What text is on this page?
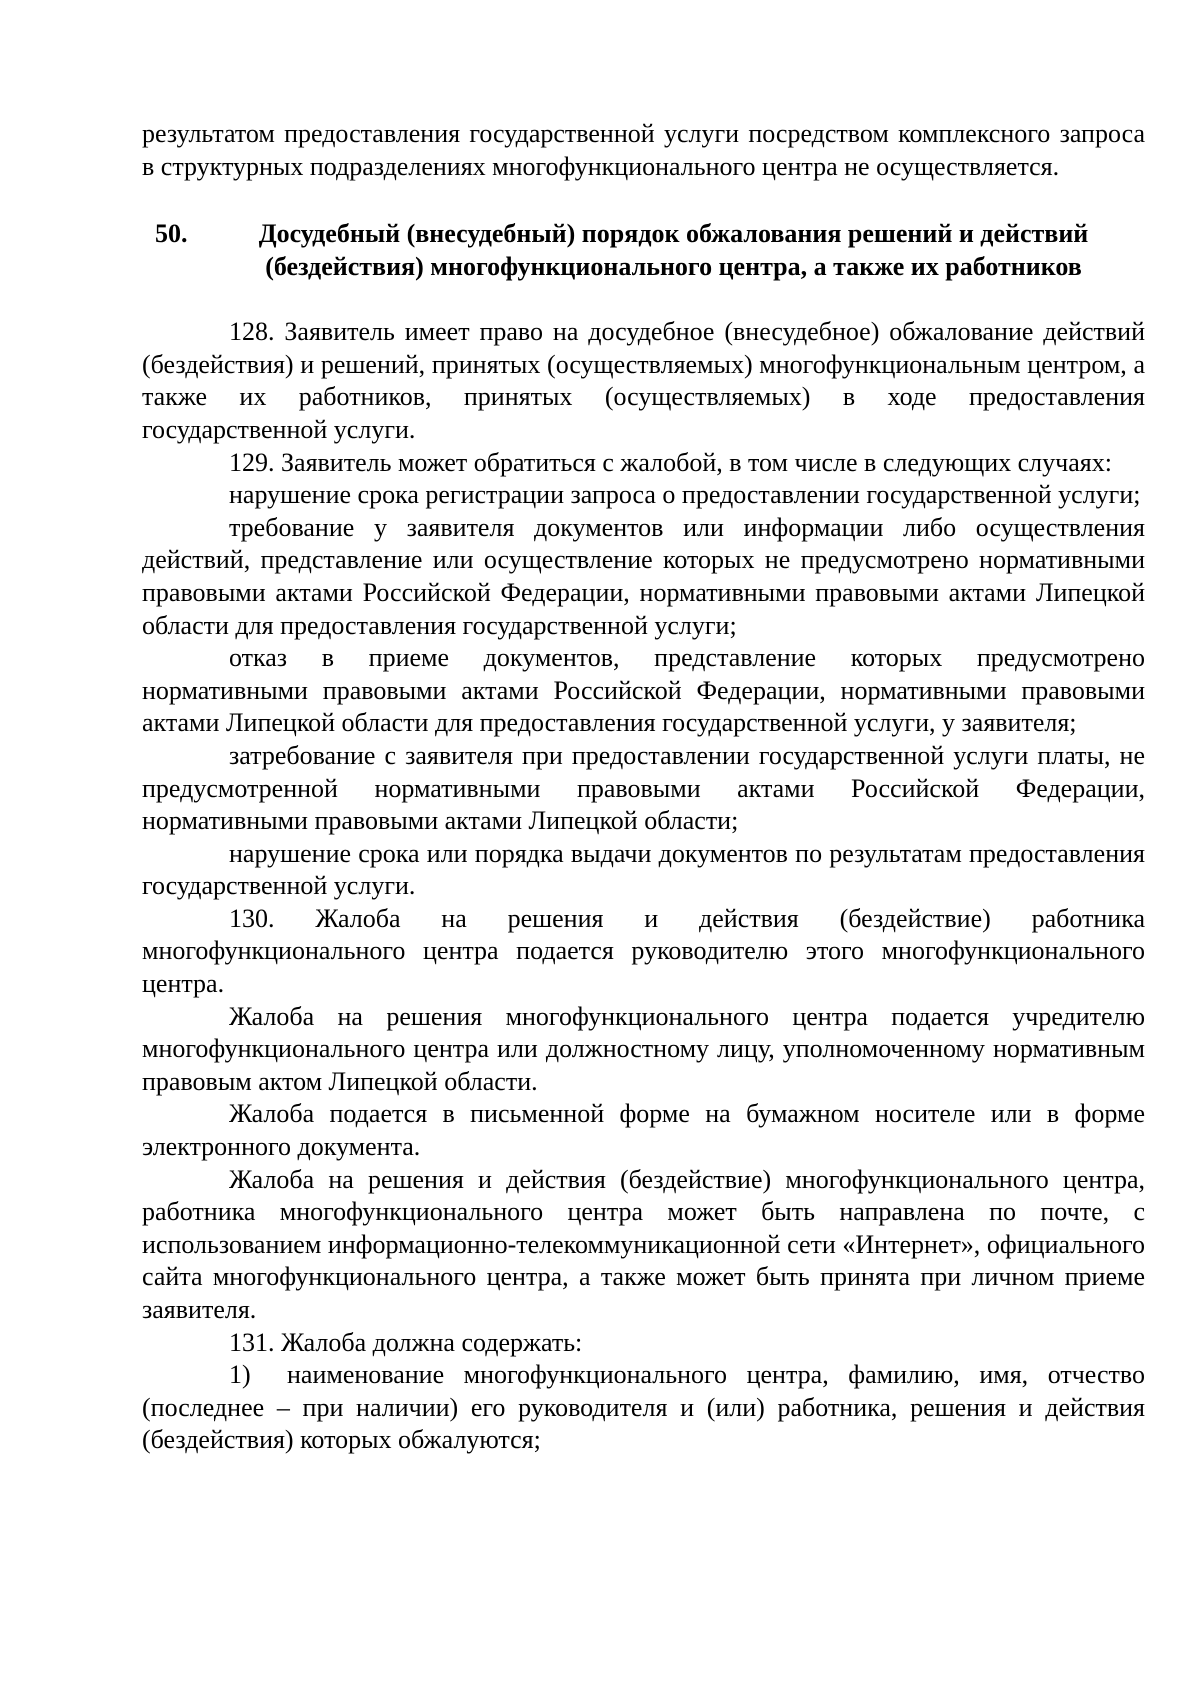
результатом предоставления государственной услуги посредством комплексного запроса в структурных подразделениях многофункционального центра не осуществляется.

50.	Досудебный (внесудебный) порядок обжалования решений и действий
(бездействия) многофункционального центра, а также их работников

128. Заявитель имеет право на досудебное (внесудебное) обжалование действий (бездействия) и решений, принятых (осуществляемых) многофункциональным центром, а также их работников, принятых (осуществляемых) в ходе предоставления государственной услуги.

129. Заявитель может обратиться с жалобой, в том числе в следующих случаях:

нарушение срока регистрации запроса о предоставлении государственной услуги;

требование у заявителя документов или информации либо осуществления действий, представление или осуществление которых не предусмотрено нормативными правовыми актами Российской Федерации, нормативными правовыми актами Липецкой области для предоставления государственной услуги;

отказ в приеме документов, представление которых предусмотрено нормативными правовыми актами Российской Федерации, нормативными правовыми актами Липецкой области для предоставления государственной услуги, у заявителя;

затребование с заявителя при предоставлении государственной услуги платы, не предусмотренной нормативными правовыми актами Российской Федерации, нормативными правовыми актами Липецкой области;

нарушение срока или порядка выдачи документов по результатам предоставления государственной услуги.

130. Жалоба на решения и действия (бездействие) работника многофункционального центра подается руководителю этого многофункционального центра.

Жалоба на решения многофункционального центра подается учредителю многофункционального центра или должностному лицу, уполномоченному нормативным правовым актом Липецкой области.

Жалоба подается в письменной форме на бумажном носителе или в форме электронного документа.

Жалоба на решения и действия (бездействие) многофункционального центра, работника многофункционального центра может быть направлена по почте, с использованием информационно-телекоммуникационной сети «Интернет», официального сайта многофункционального центра, а также может быть принята при личном приеме заявителя.

131. Жалоба должна содержать:

1) наименование многофункционального центра, фамилию, имя, отчество (последнее – при наличии) его руководителя и (или) работника, решения и действия (бездействия) которых обжалуются;
